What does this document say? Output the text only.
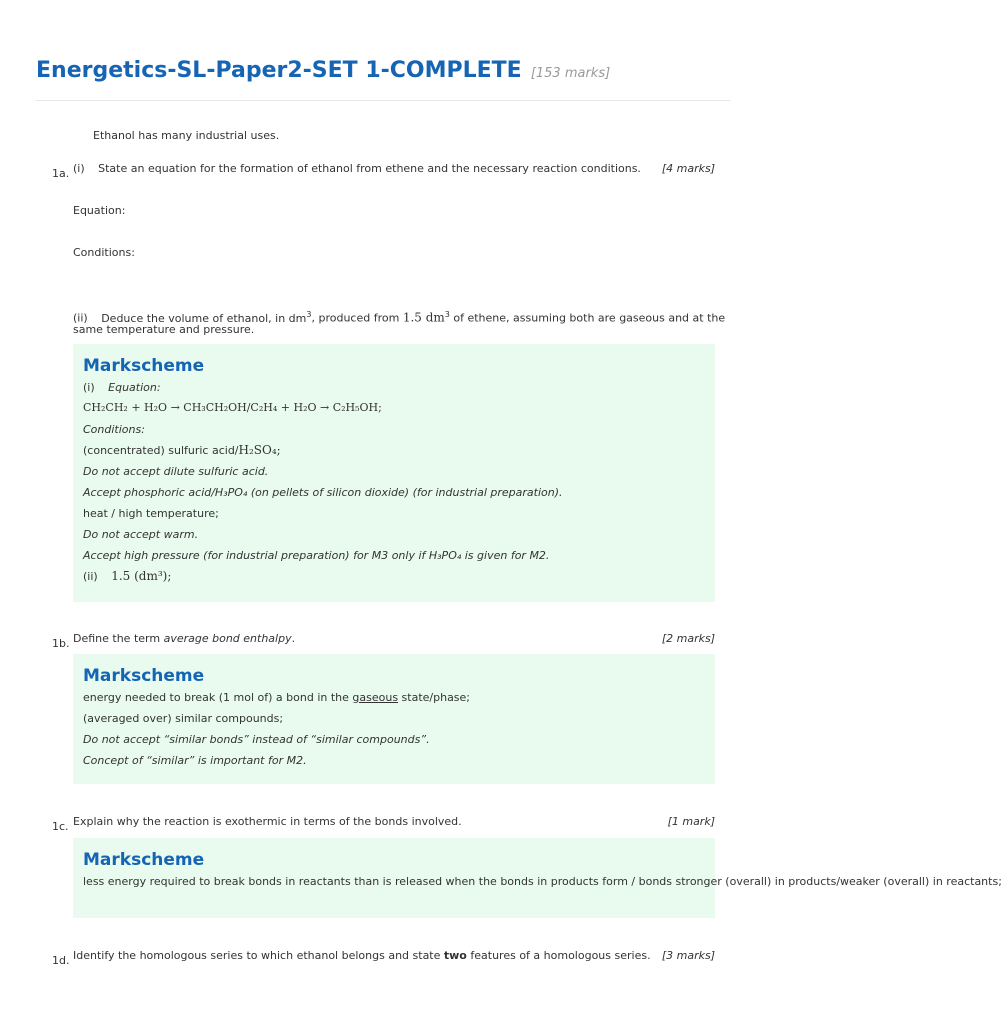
Energetics-SL-Paper2-SET 1-COMPLETE [153 marks]
Ethanol has many industrial uses.
1a. (i) State an equation for the formation of ethanol from ethene and the necessary reaction conditions. [4 marks]
Equation:
Conditions:
(ii) Deduce the volume of ethanol, in $dm^3$, produced from 1.5 $dm^3$ of ethene, assuming both are gaseous and at the
same temperature and pressure.
Markscheme
(i) Equation:
CH₂CH₂ + H₂O → CH₃CH₂OH/C₂H₄ + H₂O → C₂H₅OH;
Conditions:
(concentrated) sulfuric acid/H₂SO₄;
Do not accept dilute sulfuric acid.
Accept phosphoric acid/H₃PO₄ (on pellets of silicon dioxide) (for industrial preparation).
heat / high temperature;
Do not accept warm.
Accept high pressure (for industrial preparation) for M3 only if H₃PO₄ is given for M2.
(ii) 1.5 (dm³);
1b. Define the term average bond enthalpy.	[2 marks]
Markscheme
energy needed to break (1 mol of) a bond in the gaseous state/phase;
(averaged over) similar compounds;
Do not accept “similar bonds” instead of “similar compounds”.
Concept of “similar” is important for M2.
1c. Explain why the reaction is exothermic in terms of the bonds involved.	[1 mark]
Markscheme
less energy required to break bonds in reactants than is released when the bonds in products form / bonds stronger (overall) in products/weaker (overall) in reactants;
1d. Identify the homologous series to which ethanol belongs and state two features of a homologous series. [3 marks]
